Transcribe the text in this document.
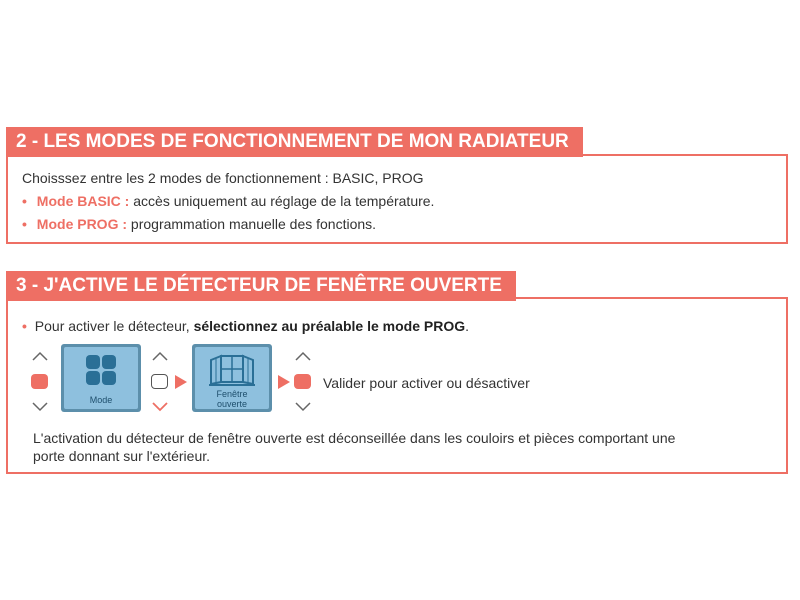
2 - LES MODES DE FONCTIONNEMENT DE MON RADIATEUR
Choisssez entre les 2 modes de fonctionnement : BASIC, PROG
• Mode BASIC : accès uniquement au réglage de la température.
• Mode PROG : programmation manuelle des fonctions.
3 - J'ACTIVE LE DÉTECTEUR DE FENÊTRE OUVERTE
• Pour activer le détecteur, sélectionnez au préalable le mode PROG.
Mode
Fenêtre
ouverte
Valider pour activer ou désactiver
L'activation du détecteur de fenêtre ouverte est déconseillée dans les couloirs et pièces comportant une
porte donnant sur l'extérieur.
